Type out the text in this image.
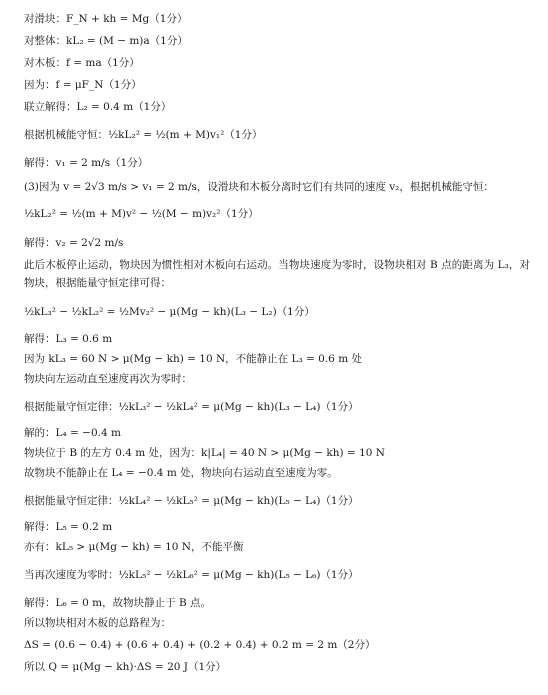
对滑块：F_N + kh = Mg（1分）
对整体：kL₂ = (M − m)a（1分）
对木板：f = ma（1分）
因为：f = μF_N（1分）
联立解得：L₂ = 0.4 m（1分）
根据机械能守恒：½kL₂² = ½(m + M)v₁²（1分）
解得：v₁ = 2 m/s（1分）
(3)因为 v = 2√3 m/s > v₁ = 2 m/s，设滑块和木板分离时它们有共同的速度 v₂，根据机械能守恒：
½kL₂² = ½(m + M)v² − ½(M − m)v₂²（1分）
解得：v₂ = 2√2 m/s
此后木板停止运动，物块因为惯性相对木板向右运动。当物块速度为零时，设物块相对 B 点的距离为 L₃，对物块，根据能量守恒定律可得：
½kL₃² − ½kL₂² = ½Mv₂² − μ(Mg − kh)(L₃ − L₂)（1分）
解得：L₃ = 0.6 m
因为 kL₃ = 60 N > μ(Mg − kh) = 10 N，不能静止在 L₃ = 0.6 m 处
物块向左运动直至速度再次为零时：
根据能量守恒定律：½kL₃² − ½kL₄² = μ(Mg − kh)(L₃ − L₄)（1分）
解的：L₄ = −0.4 m
物块位于 B 的左方 0.4 m 处，因为：k|L₄| = 40 N > μ(Mg − kh) = 10 N
故物块不能静止在 L₄ = −0.4 m 处，物块向右运动直至速度为零。
根据能量守恒定律：½kL₄² − ½kL₅² = μ(Mg − kh)(L₅ − L₄)（1分）
解得：L₅ = 0.2 m
亦有：kL₅ > μ(Mg − kh) = 10 N，不能平衡
当再次速度为零时：½kL₅² − ½kL₆² = μ(Mg − kh)(L₅ − L₆)（1分）
解得：L₆ = 0 m，故物块静止于 B 点。
所以物块相对木板的总路程为：
ΔS = (0.6 − 0.4) + (0.6 + 0.4) + (0.2 + 0.4) + 0.2 m = 2 m（2分）
所以 Q = μ(Mg − kh)·ΔS = 20 J（1分）
